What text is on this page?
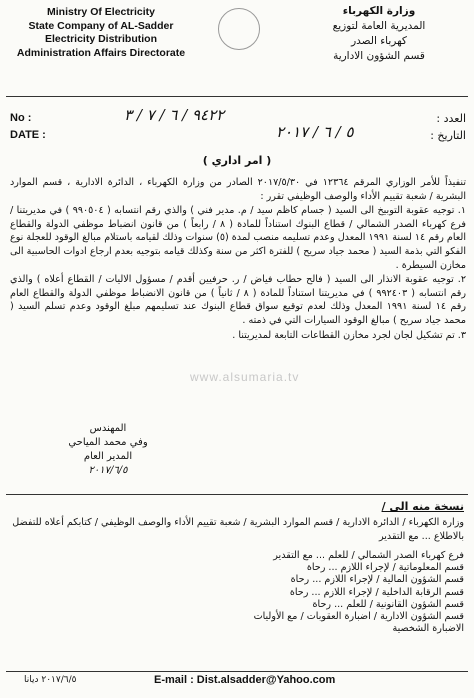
Ministry Of Electricity
State Company of AL-Sadder
Electricity Distribution
Administration Affairs Directorate
وزارة الكهرباء
المديرية العامة لتوزيع
كهرباء الصدر
قسم الشؤون الادارية
No :	٩٤٢٢ / ٦ / ٧ / ٣	العدد :
DATE :	٥ / ٦ / ٢٠١٧	التاريخ :
( امر اداري )

تنفيذاً للأمر الوزاري المرقم ١٢٣٦٤ في ٢٠١٧/٥/٣٠ الصادر من وزارة الكهرباء ، الدائرة الادارية ، قسم الموارد البشرية / شعبة تقييم الأداء والوصف الوظيفي تقرر :

١. توجيه عقوبة التوبيخ الى السيد ( جسام كاظم سيد / م. مدير فني ) والذي رقم انتسابه ( ٩٩٠٥٠٤ ) في مديريتنا / فرع كهرباء الصدر الشمالي / قطاع البنوك استناداً للمادة ( ٨ / رابعاً ) من قانون انضباط موظفي الدولة والقطاع العام رقم ١٤ لسنة ١٩٩١ المعدل وعدم تسليمه منصب لمدة (٥) سنوات وذلك لقيامه باستلام مبالغ الوقود للعجلة نوع الفكو التي بذمة السيد ( محمد جياد سريح ) للفترة اكثر من سنة وكذلك قيامه بتوجيه بعدم ارجاع ادوات الحاسبية الى مخازن السيطرة .

٢. توجيه عقوبة الانذار الى السيد ( فالح حطاب فياض / ر. حرفيين أقدم / مسؤول الاليات / القطاع أعلاه ) والذي رقم انتسابه ( ٩٩٢٤٠٣ ) في مديريتنا استناداً للمادة ( ٨ / ثانياً ) من قانون الانضباط موظفي الدولة والقطاع العام رقم ١٤ لسنة ١٩٩١ المعدل وذلك لعدم توقيع سواق قطاع البنوك عند تسليمهم مبلغ الوقود وعدم تسلم السيد ( محمد جياد سريح ) مبالغ الوقود السيارات التي في ذمته .

٣. تم تشكيل لجان لجرد مخازن القطاعات التابعة لمديريتنا .

www.alsumaria.tv
المهندس
وفي محمد المياحي
المدير العام
٢٠١٧/٦/٥
نسخة منه الى /
وزارة الكهرباء / الدائرة الادارية / قسم الموارد البشرية / شعبة تقييم الأداء والوصف الوظيفي / كتابكم أعلاه للتفضل بالاطلاع ... مع التقدير
فرع كهرباء الصدر الشمالي / للعلم ... مع التقدير
قسم المعلوماتية / لإجراء اللازم ... رحاة
قسم الشؤون المالية / لإجراء اللازم ... رحاة
قسم الرقابة الداخلية / لإجراء اللازم ... رحاة
قسم الشؤون القانونية / للعلم ... رحاة
قسم الشؤون الادارية / اضبارة العقوبات / مع الأوليات
الاضبارة الشخصية
٢٠١٧/٦/٥ ديانا	E-mail : Dist.alsadder@Yahoo.com
